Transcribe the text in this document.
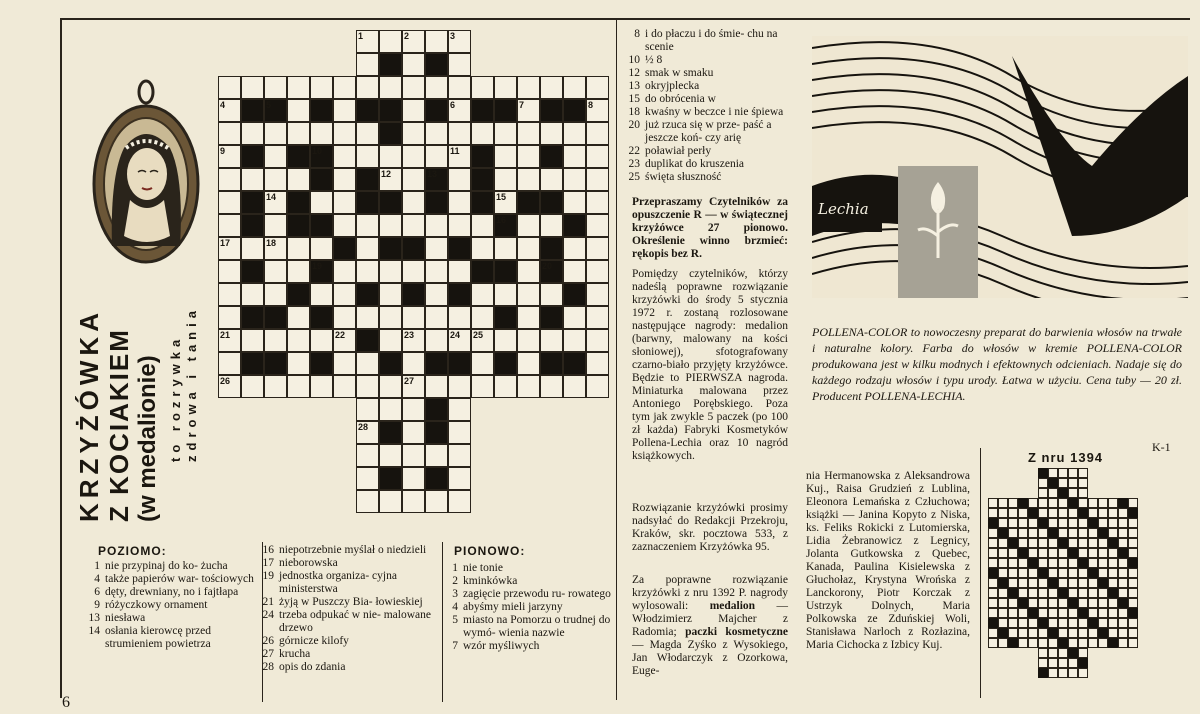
KRZYŻÓWKA Z KOCIAKIEM (w medalionie) to rozrywka zdrowa i tania
1	2	3
4	5	6	7	8
9	10	11
12	13
14	15
16
17	18
19	20
21	22	23	24 25
26	27
28
POZIOMO:
1 nie przypinaj do ko- żucha
4 także papierów war- tościowych
6 dęty, drewniany, no i fajtłapa
9 różyczkowy ornament
13 niesława
14 osłania kierowcę przed strumieniem powietrza
16 niepotrzebnie myślał o niedzieli
17 nieborowska
19 jednostka organiza- cyjna ministerstwa
21 żyją w Puszczy Bia- łowieskiej
24 trzeba odpukać w nie- malowane drzewo
26 górnicze kilofy
27 krucha
28 opis do zdania
PIONOWO:
1 nie tonie
2 kminkówka
3 zagięcie przewodu ru- rowatego
4 abyśmy mieli jarzyny
5 miasto na Pomorzu o trudnej do wymó- wienia nazwie
7 wzór myśliwych
8 i do płaczu i do śmie- chu na scenie
10 ½ 8
12 smak w smaku
13 okryjplecka
15 do obrócenia w
18 kwaśny w beczce i nie śpiewa
20 już rzuca się w prze- paść a jeszcze koń- czy arię
22 poławiał perły
23 duplikat do kruszenia
25 święta słuszność
Przepraszamy Czytelników za opuszczenie R — w świątecznej krzyżówce 27 pionowo. Określenie winno brzmieć: rękopis bez R.
Pomiędzy czytelników, którzy nadeślą poprawne rozwiązanie krzyżówki do środy 5 stycznia 1972 r. zostaną rozlosowane następujące nagrody: medalion (barwny, malowany na kości słoniowej), sfotografowany czarno-biało przyjęty krzyżówce. Będzie to PIERWSZA nagroda. Miniaturka malowana przez Antoniego Porębskiego. Poza tym jak zwykle 5 paczek (po 100 zł każda) Fabryki Kosmetyków Pollena-Lechia oraz 10 nagród książkowych.
Rozwiązanie krzyżówki prosimy nadsyłać do Redakcji Przekroju, Kraków, skr. pocztowa 533, z zaznaczeniem Krzyżówka 95.
Za poprawne rozwiązanie krzyżówki z nru 1392 P. nagrody wylosowali: medalion — Włodzimierz Majcher z Radomia; paczki kosmetyczne — Magda Zyśko z Wysokiego, Jan Włodarczyk z Ozorkowa, Euge-
nia Hermanowska z Aleksandrowa Kuj., Raisa Grudzień z Lublina, Eleonora Lemańska z Człuchowa; książki — Janina Kopyto z Niska, ks. Feliks Rokicki z Lutomierska, Lidia Żebranowicz z Legnicy, Jolanta Gutkowska z Quebec, Kanada, Paulina Kisielewska z Głuchołaz, Krystyna Wrońska z Lanckorony, Piotr Korczak z Ustrzyk Dolnych, Maria Polkowska ze Zduńskiej Woli, Stanisława Narloch z Rozłazina, Maria Cichocka z Izbicy Kuj.
Lechia
POLLENA-COLOR to nowoczesny preparat do barwienia włosów na trwałe i naturalne kolory. Farba do włosów w kremie POLLENA-COLOR produkowana jest w kilku modnych i efektownych odcieniach. Nadaje się do każdego rodzaju włosów i typu urody. Łatwa w użyciu. Cena tuby — 20 zł. Producent POLLENA-LECHIA.
K-1
Z nru 1394
6
